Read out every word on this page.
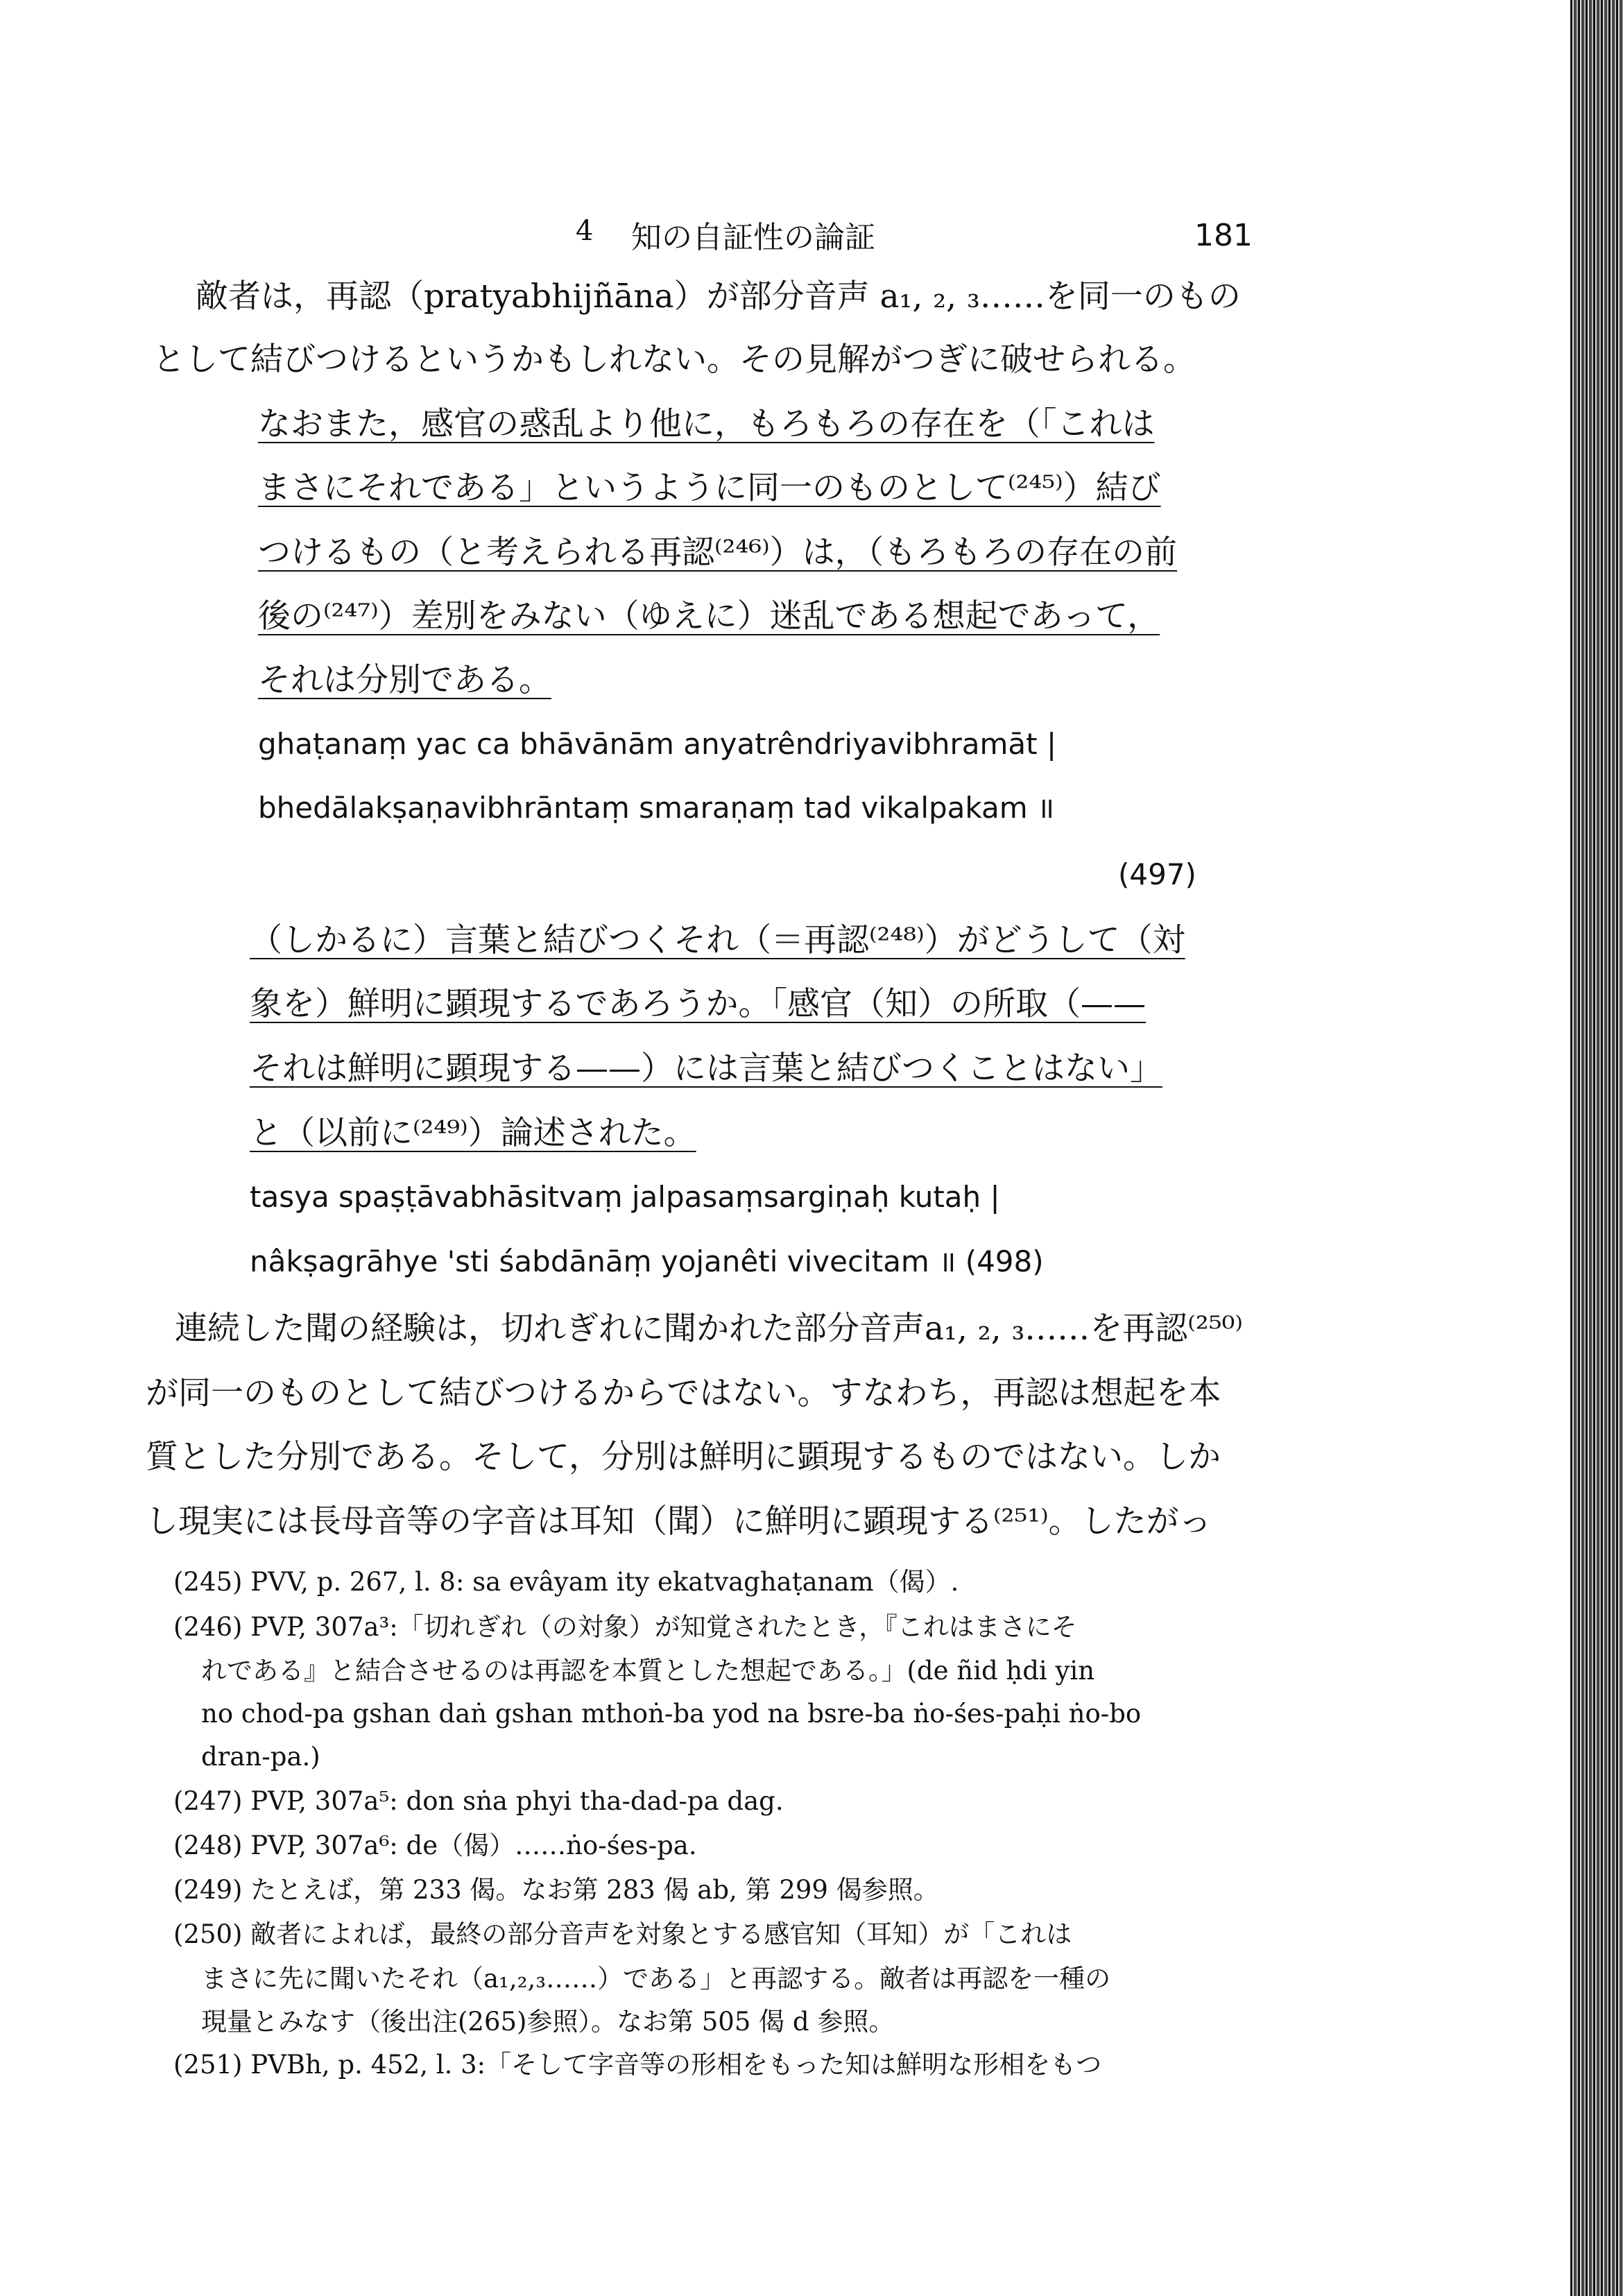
4 知の自証性の論証	181
敵者は，再認（pratyabhijñāna）が部分音声 a₁, ₂, ₃……を同一のもの
として結びつけるというかもしれない。その見解がつぎに破せられる。
なおまた，感官の惑乱より他に，もろもろの存在を（「これは
まさにそれである」というように同一のものとして⁽²⁴⁵⁾）結び
つけるもの（と考えられる再認⁽²⁴⁶⁾）は，（もろもろの存在の前
後の⁽²⁴⁷⁾）差別をみない（ゆえに）迷乱である想起であって，
それは分別である。
ghaṭanaṃ yac ca bhāvānām anyatrêndriyavibhramāt |
bhedālakṣaṇavibhrāntaṃ smaraṇaṃ tad vikalpakam ॥
(497)
（しかるに）言葉と結びつくそれ（＝再認⁽²⁴⁸⁾）がどうして（対
象を）鮮明に顕現するであろうか。「感官（知）の所取（——
それは鮮明に顕現する——）には言葉と結びつくことはない」
と（以前に⁽²⁴⁹⁾）論述された。
tasya spaṣṭāvabhāsitvaṃ jalpasaṃsargiṇaḥ kutaḥ |
nâkṣagrāhye 'sti śabdānāṃ yojanêti vivecitam ॥ (498)
連続した聞の経験は，切れぎれに聞かれた部分音声a₁, ₂, ₃……を再認⁽²⁵⁰⁾
が同一のものとして結びつけるからではない。すなわち，再認は想起を本
質とした分別である。そして，分別は鮮明に顕現するものではない。しか
し現実には長母音等の字音は耳知（聞）に鮮明に顕現する⁽²⁵¹⁾。したがっ
(245) PVV, p. 267, l. 8: sa evâyam ity ekatvaghaṭanam（偈）.
(246) PVP, 307a³:「切れぎれ（の対象）が知覚されたとき，『これはまさにそ
れである』と結合させるのは再認を本質とした想起である。」(de ñid ḥdi yin
no chod-pa gshan daṅ gshan mthoṅ-ba yod na bsre-ba ṅo-śes-paḥi ṅo-bo
dran-pa.)
(247) PVP, 307a⁵: don sṅa phyi tha-dad-pa dag.
(248) PVP, 307a⁶: de（偈）……ṅo-śes-pa.
(249) たとえば，第 233 偈。なお第 283 偈 ab, 第 299 偈参照。
(250) 敵者によれば，最終の部分音声を対象とする感官知（耳知）が「これは
まさに先に聞いたそれ（a₁,₂,₃……）である」と再認する。敵者は再認を一種の
現量とみなす（後出注(265)参照）。なお第 505 偈 d 参照。
(251) PVBh, p. 452, l. 3:「そして字音等の形相をもった知は鮮明な形相をもつ
